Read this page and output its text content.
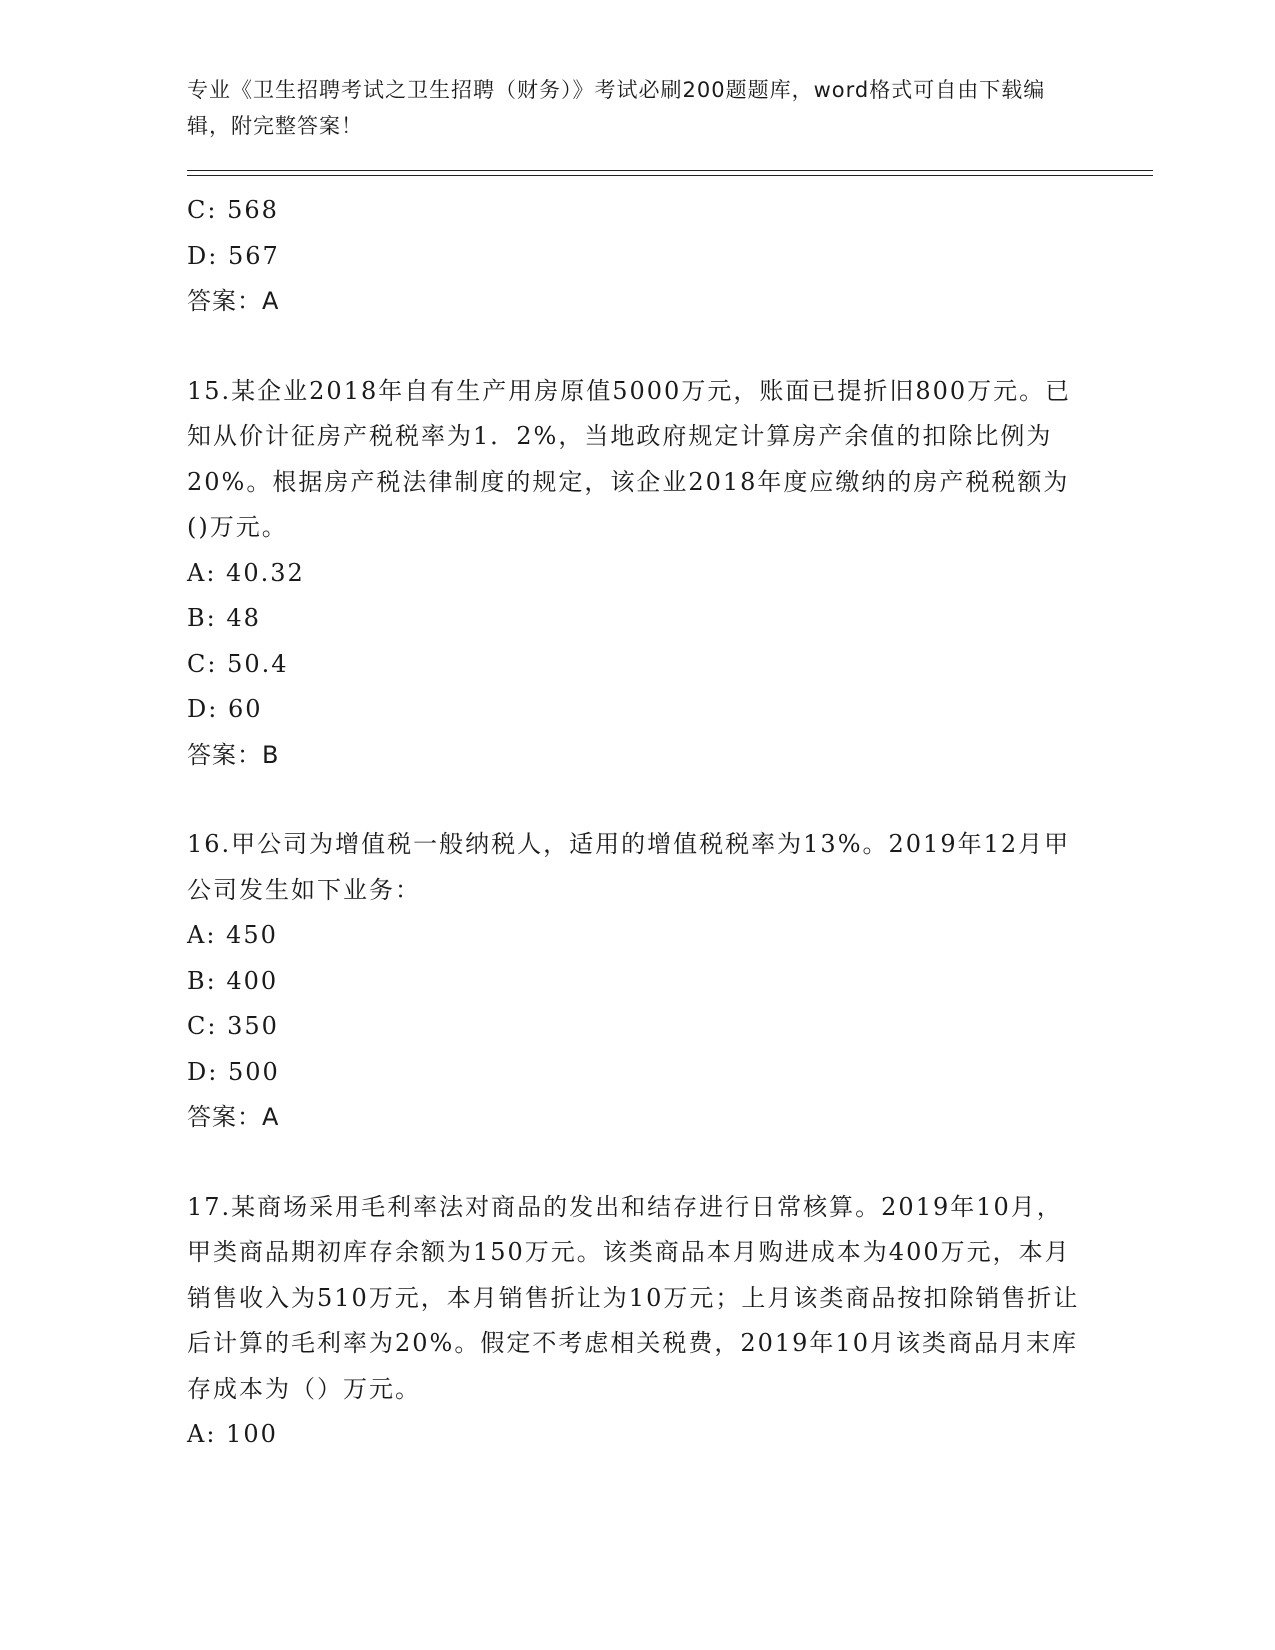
专业《卫生招聘考试之卫生招聘（财务）》考试必刷200题题库，word格式可自由下载编辑，附完整答案！
C: 568
D: 567
答案：A
15.某企业2018年自有生产用房原值5000万元，账面已提折旧800万元。已知从价计征房产税税率为1．2%，当地政府规定计算房产余值的扣除比例为20%。根据房产税法律制度的规定，该企业2018年度应缴纳的房产税税额为()万元。
A: 40.32
B: 48
C: 50.4
D: 60
答案：B
16.甲公司为增值税一般纳税人，适用的增值税税率为13%。2019年12月甲公司发生如下业务：
A: 450
B: 400
C: 350
D: 500
答案：A
17.某商场采用毛利率法对商品的发出和结存进行日常核算。2019年10月，甲类商品期初库存余额为150万元。该类商品本月购进成本为400万元，本月销售收入为510万元，本月销售折让为10万元；上月该类商品按扣除销售折让后计算的毛利率为20%。假定不考虑相关税费，2019年10月该类商品月末库存成本为（）万元。
A: 100
